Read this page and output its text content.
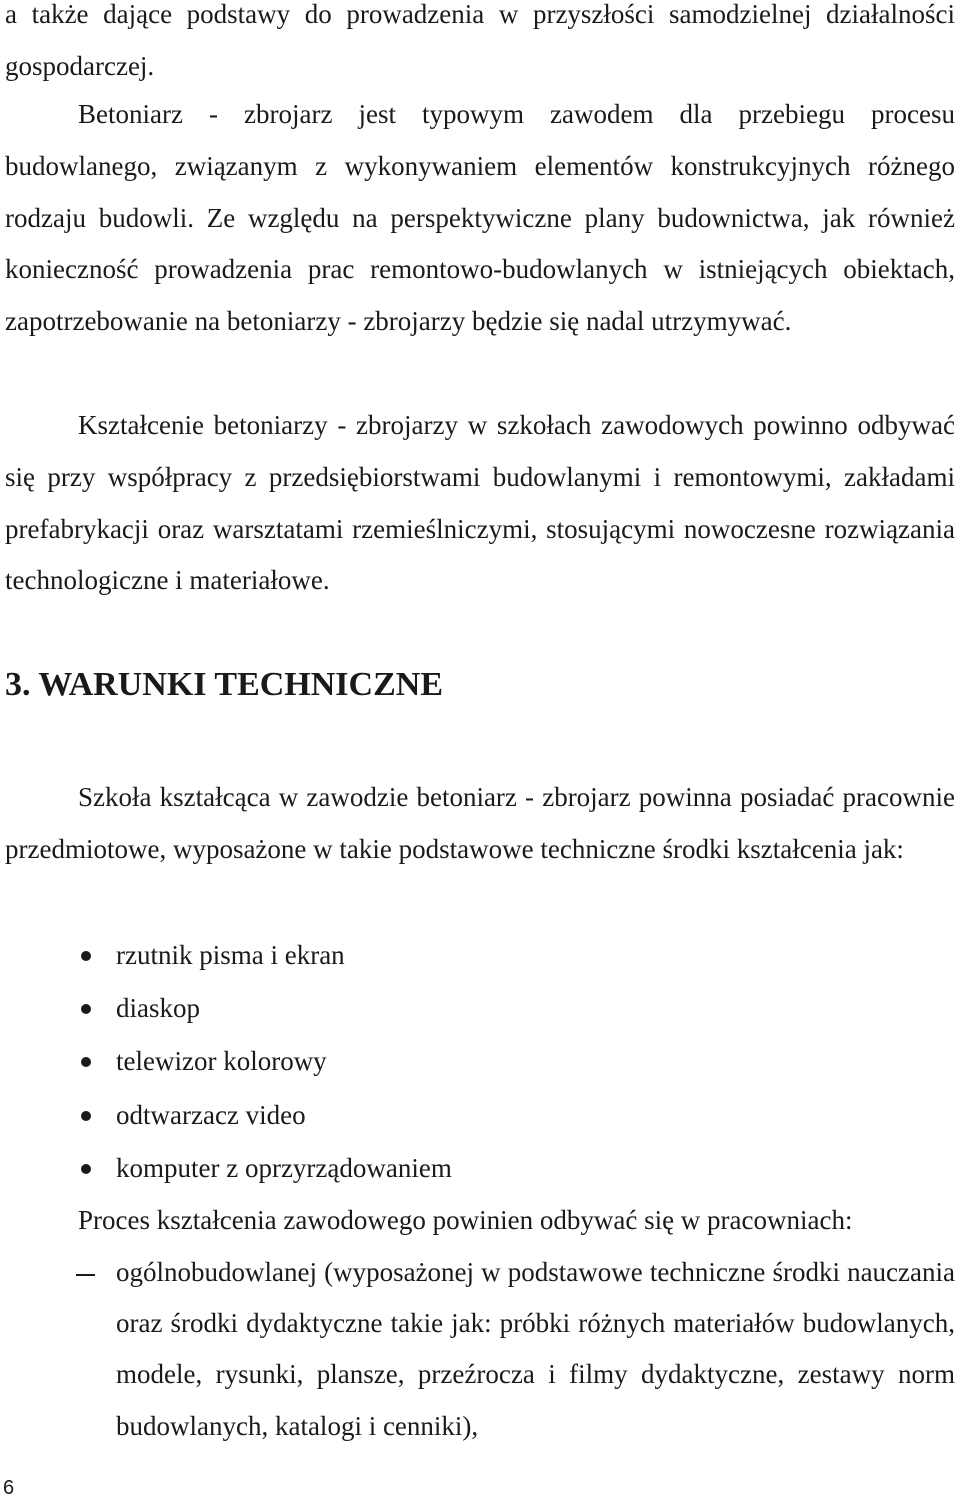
a także dające podstawy do prowadzenia w przyszłości samodzielnej działalności gospodarczej.

Betoniarz - zbrojarz jest typowym zawodem dla przebiegu procesu budowlanego, związanym z wykonywaniem elementów konstrukcyjnych różnego rodzaju budowli. Ze względu na perspektywiczne plany budownictwa, jak również konieczność prowadzenia prac remontowo-budowlanych w istniejących obiektach, zapotrzebowanie na betoniarzy - zbrojarzy będzie się nadal utrzymywać.

Kształcenie betoniarzy - zbrojarzy w szkołach zawodowych powinno odbywać się przy współpracy z przedsiębiorstwami budowlanymi i remontowymi, zakładami prefabrykacji oraz warsztatami rzemieślniczymi, stosującymi nowoczesne rozwiązania technologiczne i materiałowe.

3. WARUNKI TECHNICZNE

Szkoła kształcąca w zawodzie betoniarz - zbrojarz powinna posiadać pracownie przedmiotowe, wyposażone w takie podstawowe techniczne środki kształcenia jak:

rzutnik pisma i ekran
diaskop
telewizor kolorowy
odtwarzacz video
komputer z oprzyrządowaniem

Proces kształcenia zawodowego powinien odbywać się w pracowniach:

ogólnobudowlanej (wyposażonej w podstawowe techniczne środki nauczania oraz środki dydaktyczne takie jak: próbki różnych materiałów budowlanych, modele, rysunki, plansze, przeźrocza i filmy dydaktyczne, zestawy norm budowlanych, katalogi i cenniki),

6
